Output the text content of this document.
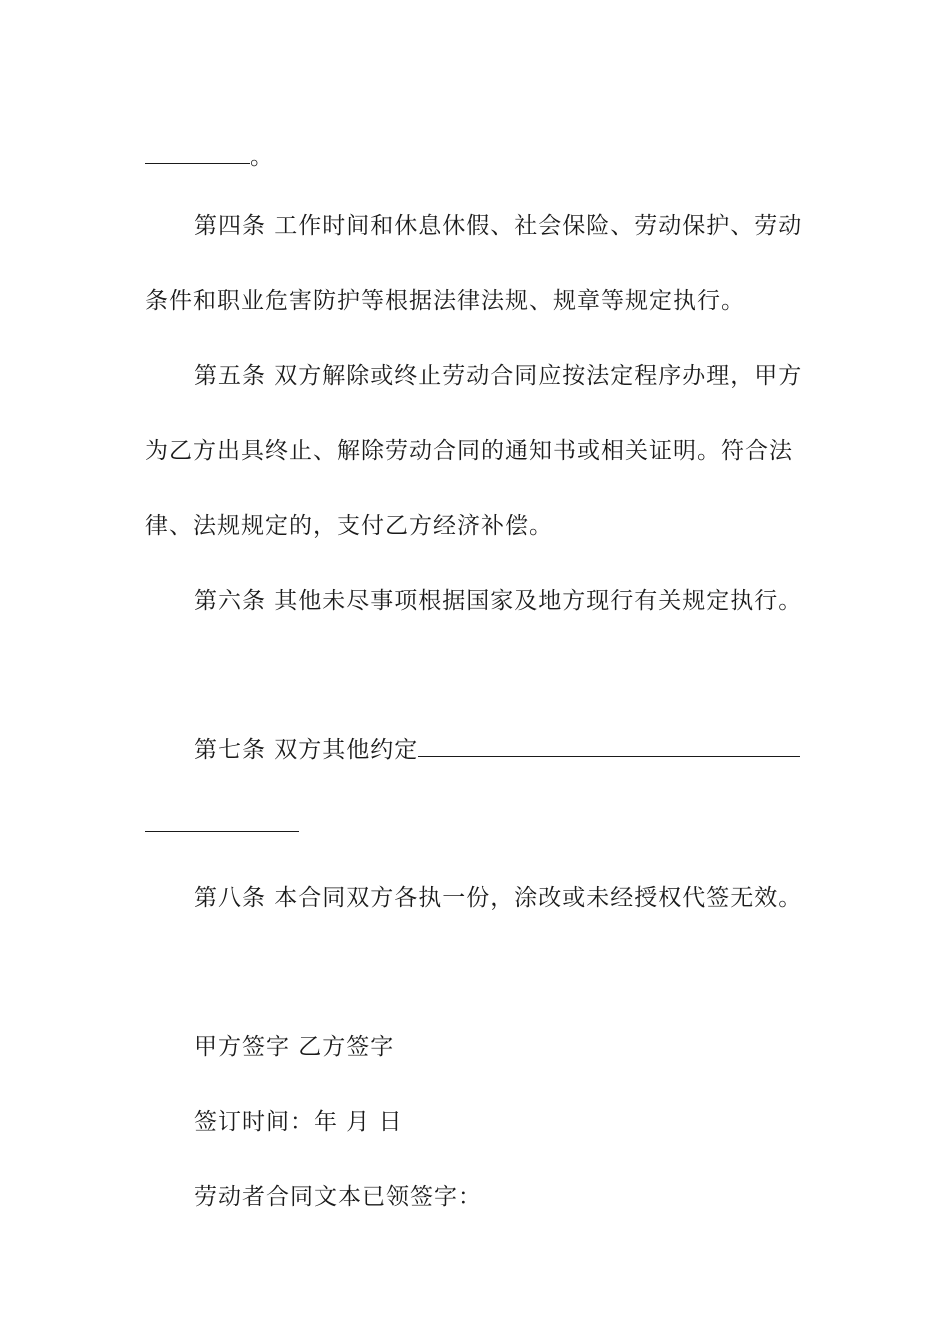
。
第四条 工作时间和休息休假、社会保险、劳动保护、劳动
条件和职业危害防护等根据法律法规、规章等规定执行。
第五条 双方解除或终止劳动合同应按法定程序办理，甲方
为乙方出具终止、解除劳动合同的通知书或相关证明。符合法
律、法规规定的，支付乙方经济补偿。
第六条 其他未尽事项根据国家及地方现行有关规定执行。
第七条 双方其他约定
第八条 本合同双方各执一份，涂改或未经授权代签无效。
甲方签字 乙方签字
签订时间：年 月 日
劳动者合同文本已领签字：
